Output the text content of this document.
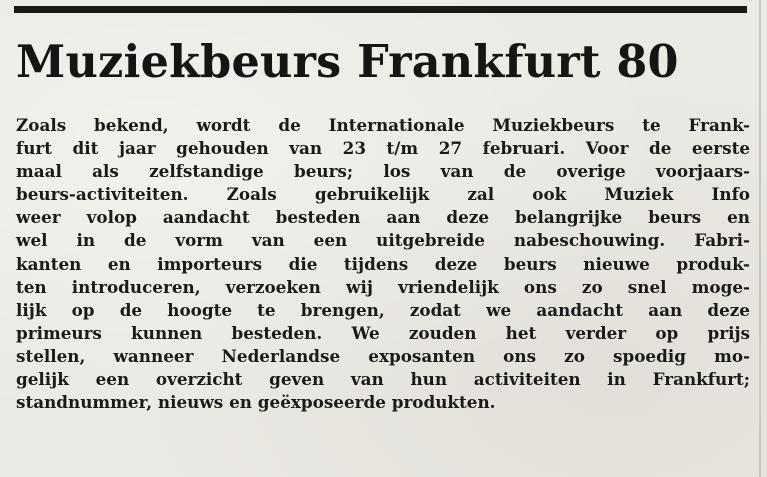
Muziekbeurs Frankfurt 80
Zoals bekend, wordt de Internationale Muziekbeurs te Frank-
furt dit jaar gehouden van 23 t/m 27 februari. Voor de eerste
maal als zelfstandige beurs; los van de overige voorjaars-
beurs-activiteiten. Zoals gebruikelijk zal ook Muziek Info
weer volop aandacht besteden aan deze belangrijke beurs en
wel in de vorm van een uitgebreide nabeschouwing. Fabri-
kanten en importeurs die tijdens deze beurs nieuwe produk-
ten introduceren, verzoeken wij vriendelijk ons zo snel moge-
lijk op de hoogte te brengen, zodat we aandacht aan deze
primeurs kunnen besteden. We zouden het verder op prijs
stellen, wanneer Nederlandse exposanten ons zo spoedig mo-
gelijk een overzicht geven van hun activiteiten in Frankfurt;
standnummer, nieuws en geëxposeerde produkten.
